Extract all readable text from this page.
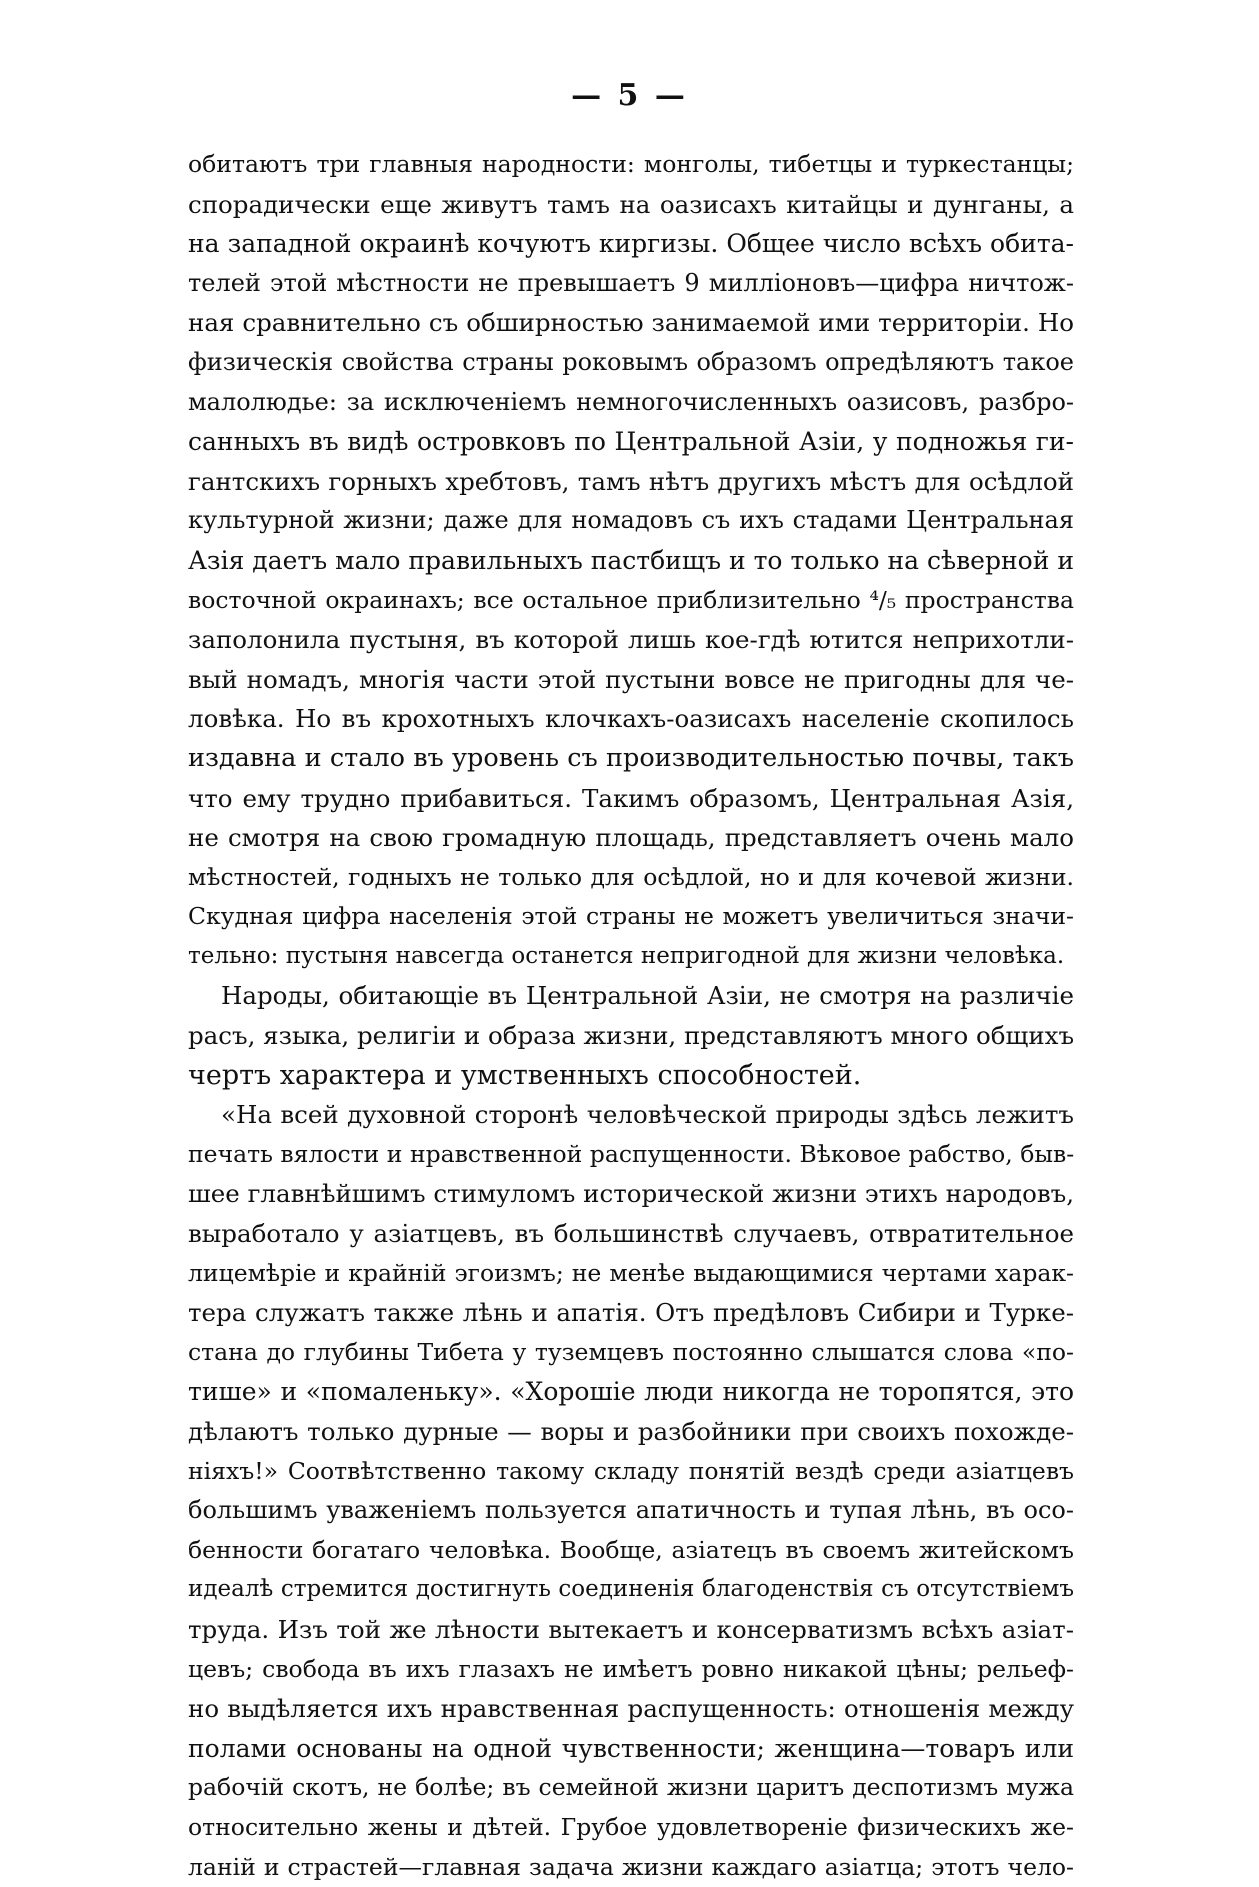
— 5 —
обитаютъ три главныя народности: монголы, тибетцы и туркестанцы;
спорадически еще живутъ тамъ на оазисахъ китайцы и дунганы, а
на западной окраинѣ кочуютъ киргизы. Общее число всѣхъ обита-
телей этой мѣстности не превышаетъ 9 миллiоновъ—цифра ничтож-
ная сравнительно съ обширностью занимаемой ими территорiи. Но
физическiя свойства страны роковымъ образомъ опредѣляютъ такое
малолюдье: за исключенiемъ немногочисленныхъ оазисовъ, разбро-
санныхъ въ видѣ островковъ по Центральной Азiи, у подножья ги-
гантскихъ горныхъ хребтовъ, тамъ нѣтъ другихъ мѣстъ для осѣдлой
культурной жизни; даже для номадовъ съ ихъ стадами Центральная
Азiя даетъ мало правильныхъ пастбищъ и то только на сѣверной и
восточной окраинахъ; все остальное приблизительно ⁴/₅ пространства
заполонила пустыня, въ которой лишь кое-гдѣ ютится неприхотли-
вый номадъ, многiя части этой пустыни вовсе не пригодны для че-
ловѣка. Но въ крохотныхъ клочкахъ-оазисахъ населенiе скопилось
издавна и стало въ уровень съ производительностью почвы, такъ
что ему трудно прибавиться. Такимъ образомъ, Центральная Азiя,
не смотря на свою громадную площадь, представляетъ очень мало
мѣстностей, годныхъ не только для осѣдлой, но и для кочевой жизни.
Скудная цифра населенiя этой страны не можетъ увеличиться значи-
тельно: пустыня навсегда останется непригодной для жизни человѣка.
Народы, обитающiе въ Центральной Азiи, не смотря на различiе
расъ, языка, религiи и образа жизни, представляютъ много общихъ
чертъ характера и умственныхъ способностей.
«На всей духовной сторонѣ человѣческой природы здѣсь лежитъ
печать вялости и нравственной распущенности. Вѣковое рабство, быв-
шее главнѣйшимъ стимуломъ исторической жизни этихъ народовъ,
выработало у азiатцевъ, въ большинствѣ случаевъ, отвратительное
лицемѣрiе и крайнiй эгоизмъ; не менѣе выдающимися чертами харак-
тера служатъ также лѣнь и апатiя. Отъ предѣловъ Сибири и Турке-
стана до глубины Тибета у туземцевъ постоянно слышатся слова «по-
тише» и «помаленьку». «Хорошiе люди никогда не торопятся, это
дѣлаютъ только дурные — воры и разбойники при своихъ похожде-
нiяхъ!» Соотвѣтственно такому складу понятiй вездѣ среди азiатцевъ
большимъ уваженiемъ пользуется апатичность и тупая лѣнь, въ осо-
бенности богатаго человѣка. Вообще, азiатецъ въ своемъ житейскомъ
идеалѣ стремится достигнуть соединенiя благоденствiя съ отсутствiемъ
труда. Изъ той же лѣности вытекаетъ и консерватизмъ всѣхъ азiат-
цевъ; свобода въ ихъ глазахъ не имѣетъ ровно никакой цѣны; рельеф-
но выдѣляется ихъ нравственная распущенность: отношенiя между
полами основаны на одной чувственности; женщина—товаръ или
рабочiй скотъ, не болѣе; въ семейной жизни царитъ деспотизмъ мужа
относительно жены и дѣтей. Грубое удовлетворенiе физическихъ же-
ланiй и страстей—главная задача жизни каждаго азiатца; этотъ чело-
